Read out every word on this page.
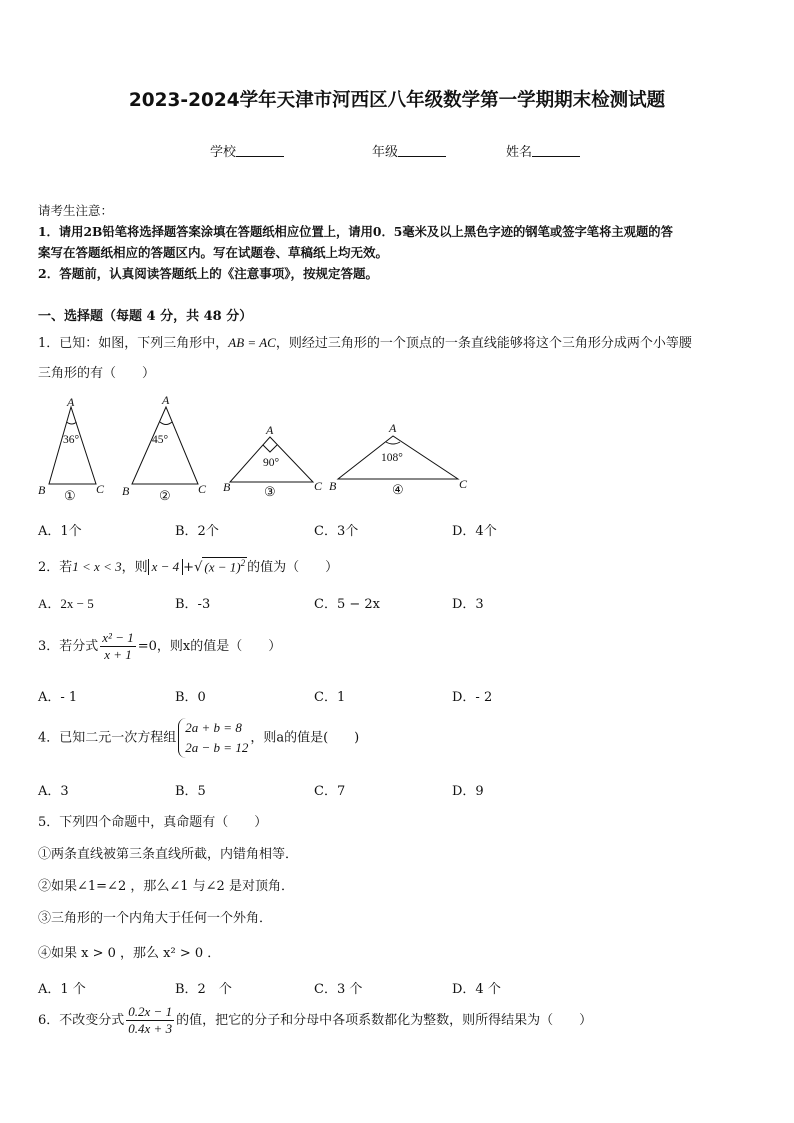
2023-2024学年天津市河西区八年级数学第一学期期末检测试题
学校	年级	姓名
请考生注意：
1．请用2B铅笔将选择题答案涂填在答题纸相应位置上，请用0．5毫米及以上黑色字迹的钢笔或签字笔将主观题的答
案写在答题纸相应的答题区内。写在试题卷、草稿纸上均无效。
2．答题前，认真阅读答题纸上的《注意事项》，按规定答题。
一、选择题（每题 4 分，共 48 分）
1．已知：如图，下列三角形中，AB = AC，则经过三角形的一个顶点的一条直线能够将这个三角形分成两个小等腰
三角形的有（　　）
A
B	C
A
B	C
A
B	C
A
B	C
36°	45°
90°	108°
①	②	③	④
A．1个	B．2个	C．3个	D．4个
2．若1 < x < 3，则 x − 4 +√ $(x - 1)^2$ 的值为（　　）
A．2x − 5	B．-3	C．5 − 2x	D．3
3．若分式 $\frac{\text{x² − 1}}{x + 1} =0$，则x的值是（　　）
A．- 1	B．0	C．1	D．- 2
4．已知二元一次方程组
2a + b = 8
2a − b = 12
，则a的值是(　　)
A．3	B．5	C．7	D．9
5．下列四个命题中，真命题有（　　）
①两条直线被第三条直线所截，内错角相等．
②如果∠1=∠2 ，那么∠1 与∠2 是对顶角．
③三角形的一个内角大于任何一个外角．
④如果 x > 0 ，那么 x² > 0 ．
A．1 个	B．2　个	C．3 个	D．4 个
6．不改变分式 $\frac{0.2x - 1}{0.4x + 3}$ 的值，把它的分子和分母中各项系数都化为整数，则所得结果为（　　）
